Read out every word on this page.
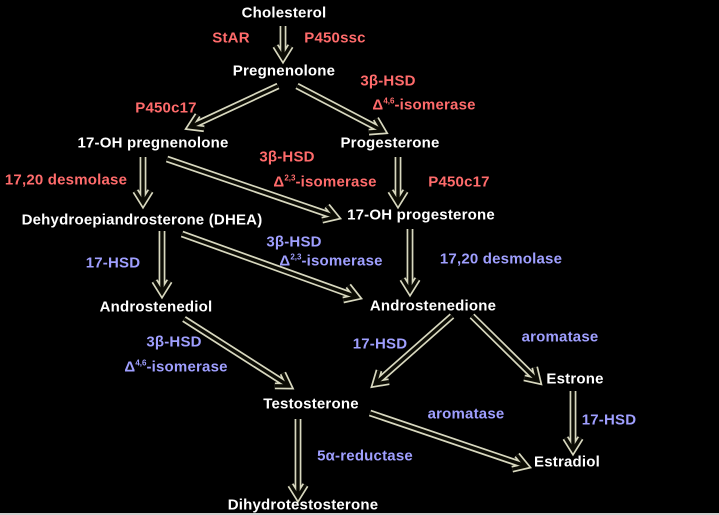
Cholesterol
Pregnenolone
17-OH pregnenolone	Progesterone
Dehydroepiandrosterone (DHEA)	17-OH progesterone
Androstenediol	Androstenedione
Estrone
Testosterone
Estradiol
Dihydrotestosterone
StAR	P450ssc
3β-HSD
Δ$^{4,6}$-isomerase
P450c17
17,20 desmolase
3β-HSD
Δ$^{2,3}$-isomerase	P450c17
3β-HSD
Δ$^{2,3}$-isomerase
17-HSD	17,20 desmolase
aromatase
17-HSD
3β-HSD
Δ$^{4,6}$-isomerase
aromatase	17-HSD
5α-reductase
